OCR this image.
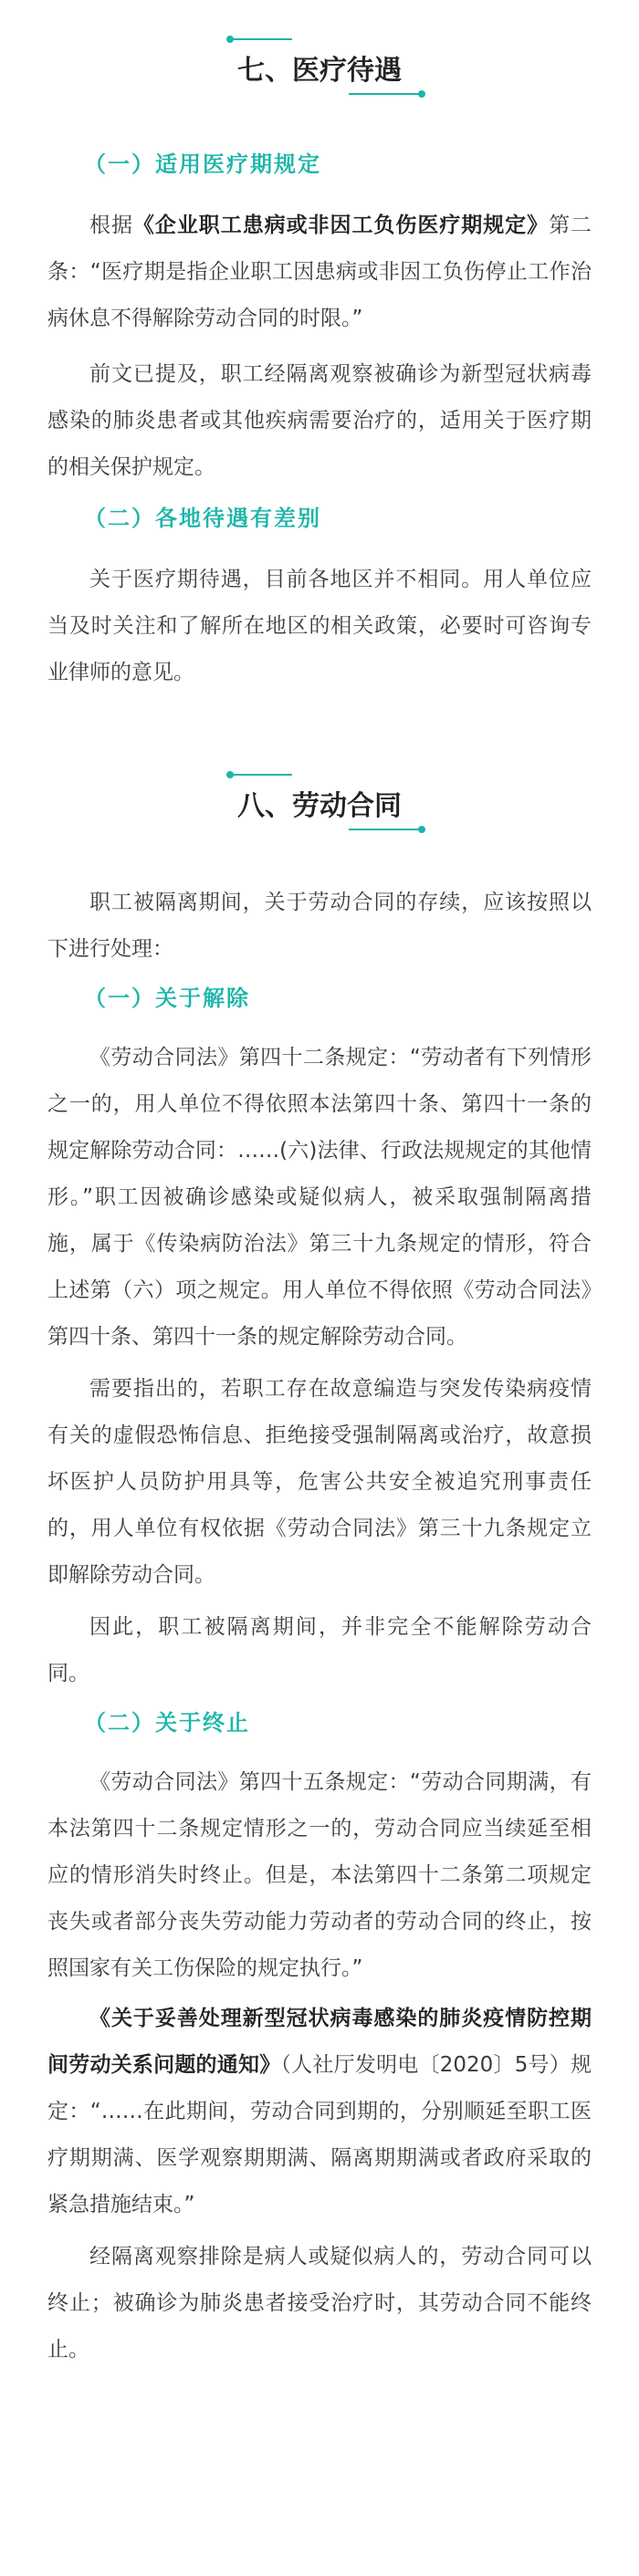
七、医疗待遇

（一）适用医疗期规定

根据《企业职工患病或非因工负伤医疗期规定》第二条：“医疗期是指企业职工因患病或非因工负伤停止工作治病休息不得解除劳动合同的时限。”

前文已提及，职工经隔离观察被确诊为新型冠状病毒感染的肺炎患者或其他疾病需要治疗的，适用关于医疗期的相关保护规定。

（二）各地待遇有差别

关于医疗期待遇，目前各地区并不相同。用人单位应当及时关注和了解所在地区的相关政策，必要时可咨询专业律师的意见。

八、劳动合同

职工被隔离期间，关于劳动合同的存续，应该按照以下进行处理：

（一）关于解除

《劳动合同法》第四十二条规定：“劳动者有下列情形之一的，用人单位不得依照本法第四十条、第四十一条的规定解除劳动合同：……(六)法律、行政法规规定的其他情形。”职工因被确诊感染或疑似病人，被采取强制隔离措施，属于《传染病防治法》第三十九条规定的情形，符合上述第（六）项之规定。用人单位不得依照《劳动合同法》第四十条、第四十一条的规定解除劳动合同。

需要指出的，若职工存在故意编造与突发传染病疫情有关的虚假恐怖信息、拒绝接受强制隔离或治疗，故意损坏医护人员防护用具等，危害公共安全被追究刑事责任的，用人单位有权依据《劳动合同法》第三十九条规定立即解除劳动合同。

因此，职工被隔离期间，并非完全不能解除劳动合同。

（二）关于终止

《劳动合同法》第四十五条规定：“劳动合同期满，有本法第四十二条规定情形之一的，劳动合同应当续延至相应的情形消失时终止。但是，本法第四十二条第二项规定丧失或者部分丧失劳动能力劳动者的劳动合同的终止，按照国家有关工伤保险的规定执行。”

《关于妥善处理新型冠状病毒感染的肺炎疫情防控期间劳动关系问题的通知》（人社厅发明电〔2020〕5号）规定：“……在此期间，劳动合同到期的，分别顺延至职工医疗期期满、医学观察期期满、隔离期期满或者政府采取的紧急措施结束。”

经隔离观察排除是病人或疑似病人的，劳动合同可以终止；被确诊为肺炎患者接受治疗时，其劳动合同不能终止。
